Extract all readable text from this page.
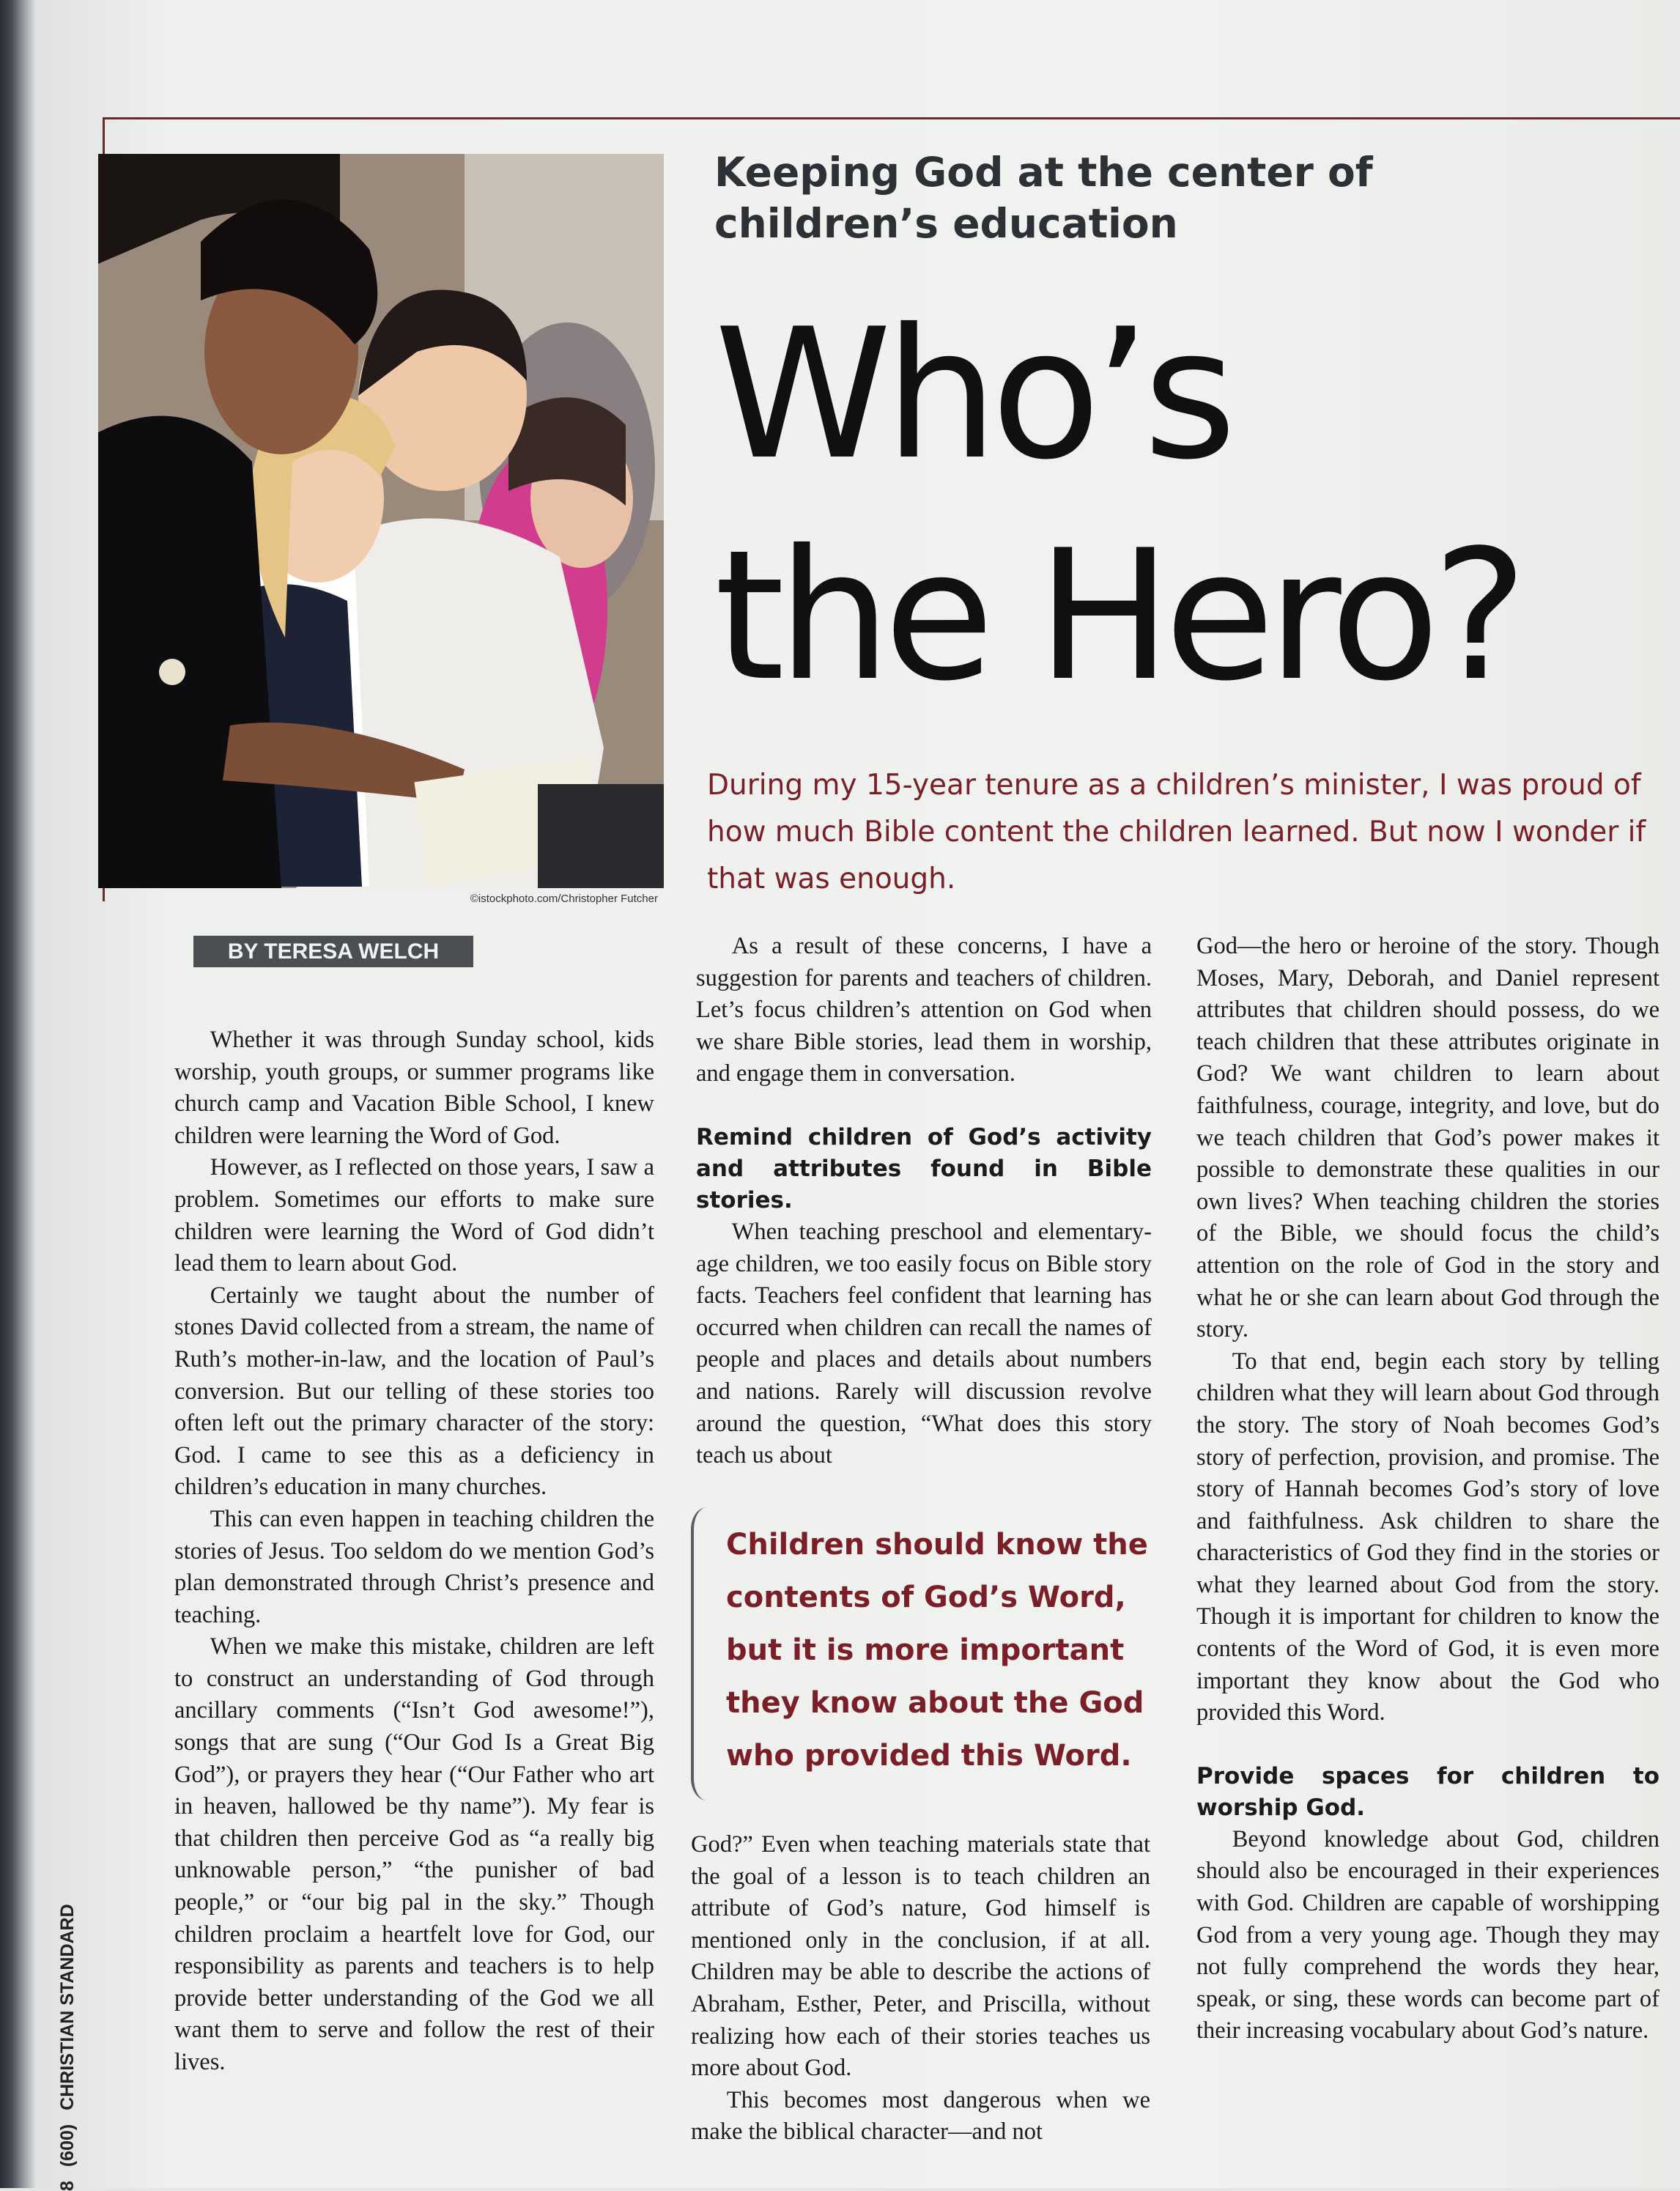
©istockphoto.com/Christopher Futcher
Keeping God at the center of children’s education
Who’s
the Hero?
During my 15-year tenure as a children’s minister, I was proud of how much Bible content the children learned. But now I wonder if that was enough.
BY TERESA WELCH

Whether it was through Sunday school, kids worship, youth groups, or summer programs like church camp and Vacation Bible School, I knew children were learning the Word of God.

However, as I reflected on those years, I saw a problem. Sometimes our efforts to make sure children were learning the Word of God didn’t lead them to learn about God.

Certainly we taught about the number of stones David collected from a stream, the name of Ruth’s mother-in-law, and the location of Paul’s conversion. But our telling of these stories too often left out the primary character of the story: God. I came to see this as a deficiency in children’s education in many churches.

This can even happen in teaching children the stories of Jesus. Too seldom do we mention God’s plan demonstrated through Christ’s presence and teaching.

When we make this mistake, children are left to construct an understanding of God through ancillary comments (“Isn’t God awesome!”), songs that are sung (“Our God Is a Great Big God”), or prayers they hear (“Our Father who art in heaven, hallowed be thy name”). My fear is that children then perceive God as “a really big unknowable person,” “the punisher of bad people,” or “our big pal in the sky.” Though children proclaim a heartfelt love for God, our responsibility as parents and teachers is to help provide better understanding of the God we all want them to serve and follow the rest of their lives.

As a result of these concerns, I have a suggestion for parents and teachers of children. Let’s focus children’s attention on God when we share Bible stories, lead them in worship, and engage them in conversation.

Remind children of God’s activity and attributes found in Bible stories.

When teaching preschool and elementary-age children, we too easily focus on Bible story facts. Teachers feel confident that learning has occurred when children can recall the names of people and places and details about numbers and nations. Rarely will discussion revolve around the question, “What does this story teach us about

Children should know the contents of God’s Word, but it is more important they know about the God who provided this Word.

God?” Even when teaching materials state that the goal of a lesson is to teach children an attribute of God’s nature, God himself is mentioned only in the conclusion, if at all. Children may be able to describe the actions of Abraham, Esther, Peter, and Priscilla, without realizing how each of their stories teaches us more about God.

This becomes most dangerous when we make the biblical character—and not

God—the hero or heroine of the story. Though Moses, Mary, Deborah, and Daniel represent attributes that children should possess, do we teach children that these attributes originate in God? We want children to learn about faithfulness, courage, integrity, and love, but do we teach children that God’s power makes it possible to demonstrate these qualities in our own lives? When teaching children the stories of the Bible, we should focus the child’s attention on the role of God in the story and what he or she can learn about God through the story.

To that end, begin each story by telling children what they will learn about God through the story. The story of Noah becomes God’s story of perfection, provision, and promise. The story of Hannah becomes God’s story of love and faithfulness. Ask children to share the characteristics of God they find in the stories or what they learned about God from the story. Though it is important for children to know the contents of the Word of God, it is even more important they know about the God who provided this Word.

Provide spaces for children to worship God.

Beyond knowledge about God, children should also be encouraged in their experiences with God. Children are capable of worshipping God from a very young age. Though they may not fully comprehend the words they hear, speak, or sing, these words can become part of their increasing vocabulary about God’s nature.

8 (600) CHRISTIAN STANDARD
